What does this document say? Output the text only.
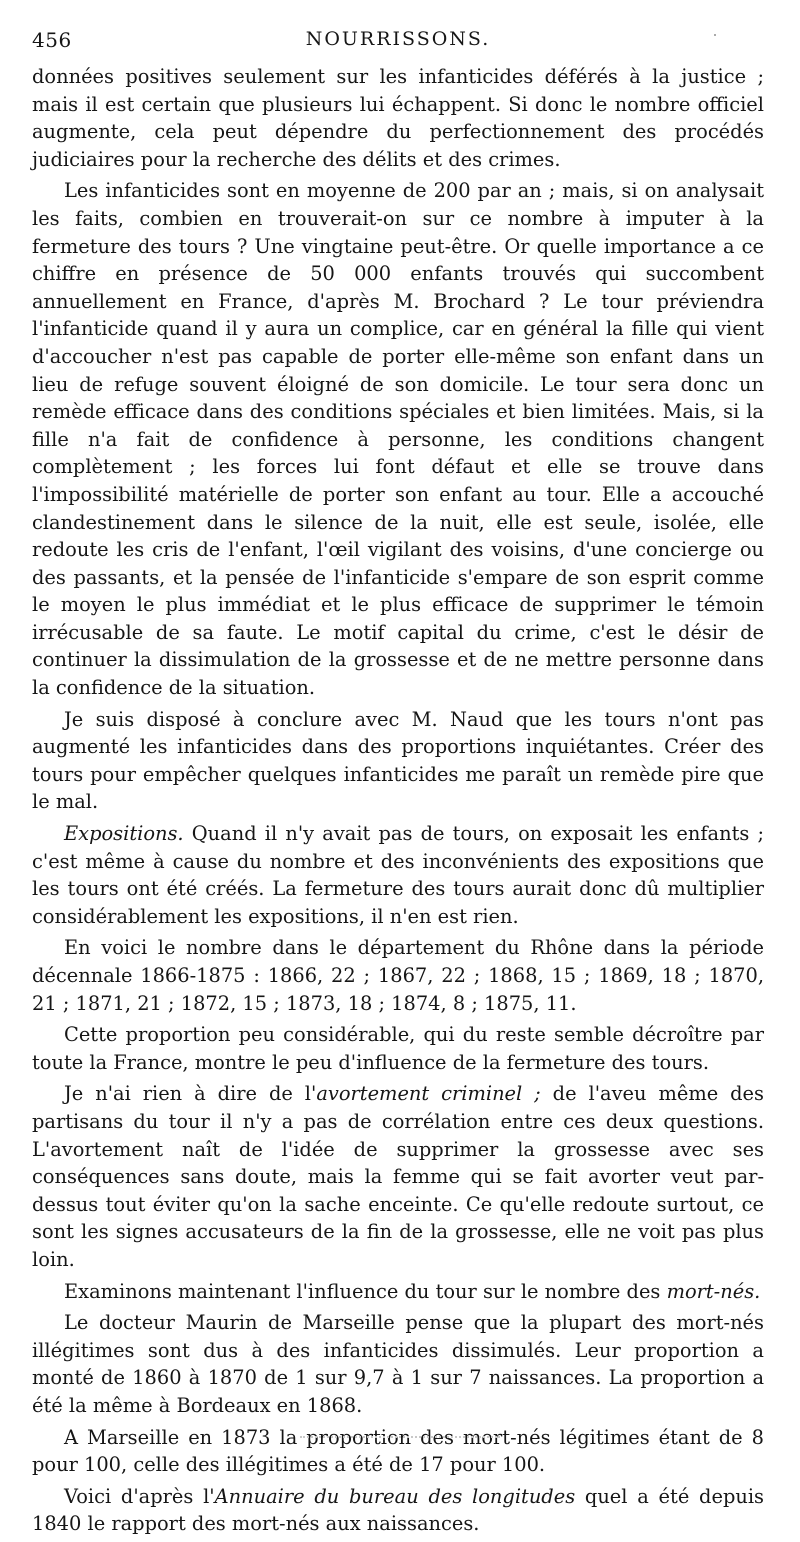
456	NOURRISSONS.

données positives seulement sur les infanticides déférés à la justice ; mais il est certain que plusieurs lui échappent. Si donc le nombre officiel augmente, cela peut dépendre du perfectionnement des procédés judiciaires pour la recherche des délits et des crimes.

Les infanticides sont en moyenne de 200 par an ; mais, si on analysait les faits, combien en trouverait-on sur ce nombre à imputer à la fermeture des tours ? Une vingtaine peut-être. Or quelle importance a ce chiffre en présence de 50 000 enfants trouvés qui succombent annuellement en France, d'après M. Brochard ? Le tour préviendra l'infanticide quand il y aura un complice, car en général la fille qui vient d'accoucher n'est pas capable de porter elle-même son enfant dans un lieu de refuge souvent éloigné de son domicile. Le tour sera donc un remède efficace dans des conditions spéciales et bien limitées. Mais, si la fille n'a fait de confidence à personne, les conditions changent complètement ; les forces lui font défaut et elle se trouve dans l'impossibilité matérielle de porter son enfant au tour. Elle a accouché clandestinement dans le silence de la nuit, elle est seule, isolée, elle redoute les cris de l'enfant, l'œil vigilant des voisins, d'une concierge ou des passants, et la pensée de l'infanticide s'empare de son esprit comme le moyen le plus immédiat et le plus efficace de supprimer le témoin irrécusable de sa faute. Le motif capital du crime, c'est le désir de continuer la dissimulation de la grossesse et de ne mettre personne dans la confidence de la situation.

Je suis disposé à conclure avec M. Naud que les tours n'ont pas augmenté les infanticides dans des proportions inquiétantes. Créer des tours pour empêcher quelques infanticides me paraît un remède pire que le mal.

Expositions. Quand il n'y avait pas de tours, on exposait les enfants ; c'est même à cause du nombre et des inconvénients des expositions que les tours ont été créés. La fermeture des tours aurait donc dû multiplier considérablement les expositions, il n'en est rien.

En voici le nombre dans le département du Rhône dans la période décennale 1866-1875 : 1866, 22 ; 1867, 22 ; 1868, 15 ; 1869, 18 ; 1870, 21 ; 1871, 21 ; 1872, 15 ; 1873, 18 ; 1874, 8 ; 1875, 11.

Cette proportion peu considérable, qui du reste semble décroître par toute la France, montre le peu d'influence de la fermeture des tours.

Je n'ai rien à dire de l'avortement criminel ; de l'aveu même des partisans du tour il n'y a pas de corrélation entre ces deux questions. L'avortement naît de l'idée de supprimer la grossesse avec ses conséquences sans doute, mais la femme qui se fait avorter veut par-dessus tout éviter qu'on la sache enceinte. Ce qu'elle redoute surtout, ce sont les signes accusateurs de la fin de la grossesse, elle ne voit pas plus loin.

Examinons maintenant l'influence du tour sur le nombre des mort-nés.

Le docteur Maurin de Marseille pense que la plupart des mort-nés illégitimes sont dus à des infanticides dissimulés. Leur proportion a monté de 1860 à 1870 de 1 sur 9,7 à 1 sur 7 naissances. La proportion a été la même à Bordeaux en 1868.

A Marseille en 1873 la proportion des mort-nés légitimes étant de 8 pour 100, celle des illégitimes a été de 17 pour 100.

Voici d'après l'Annuaire du bureau des longitudes quel a été depuis 1840 le rapport des mort-nés aux naissances.
